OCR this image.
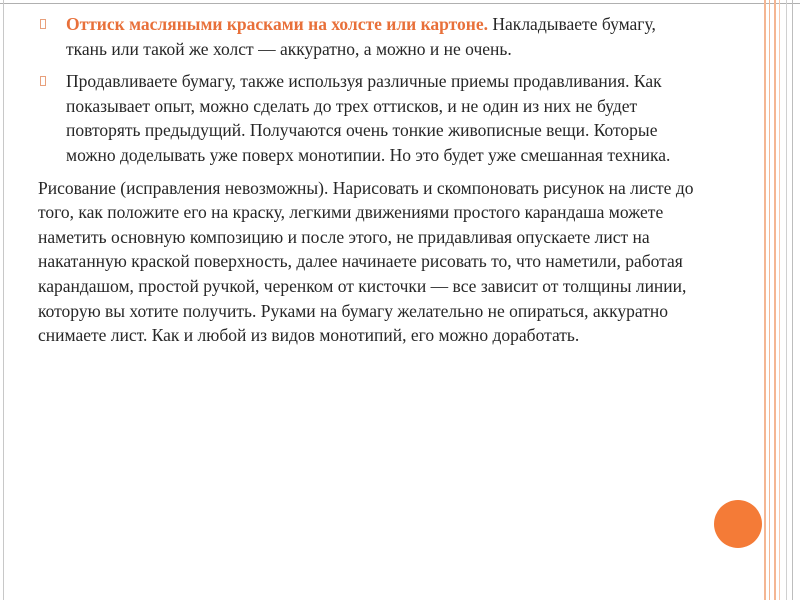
Оттиск масляными красками на холсте или картоне. Накладываете бумагу, ткань или такой же холст — аккуратно, а можно и не очень.

Продавливаете бумагу, также используя различные приемы продавливания. Как показывает опыт, можно сделать до трех оттисков, и не один из них не будет повторять предыдущий. Получаются очень тонкие живописные вещи. Которые можно доделывать уже поверх монотипии. Но это будет уже смешанная техника.

Рисование (исправления невозможны). Нарисовать и скомпоновать рисунок на листе до того, как положите его на краску, легкими движениями простого карандаша можете наметить основную композицию и после этого, не придавливая опускаете лист на накатанную краской поверхность, далее начинаете рисовать то, что наметили, работая карандашом, простой ручкой, черенком от кисточки — все зависит от толщины линии, которую вы хотите получить. Руками на бумагу желательно не опираться, аккуратно снимаете лист. Как и любой из видов монотипий, его можно доработать.
